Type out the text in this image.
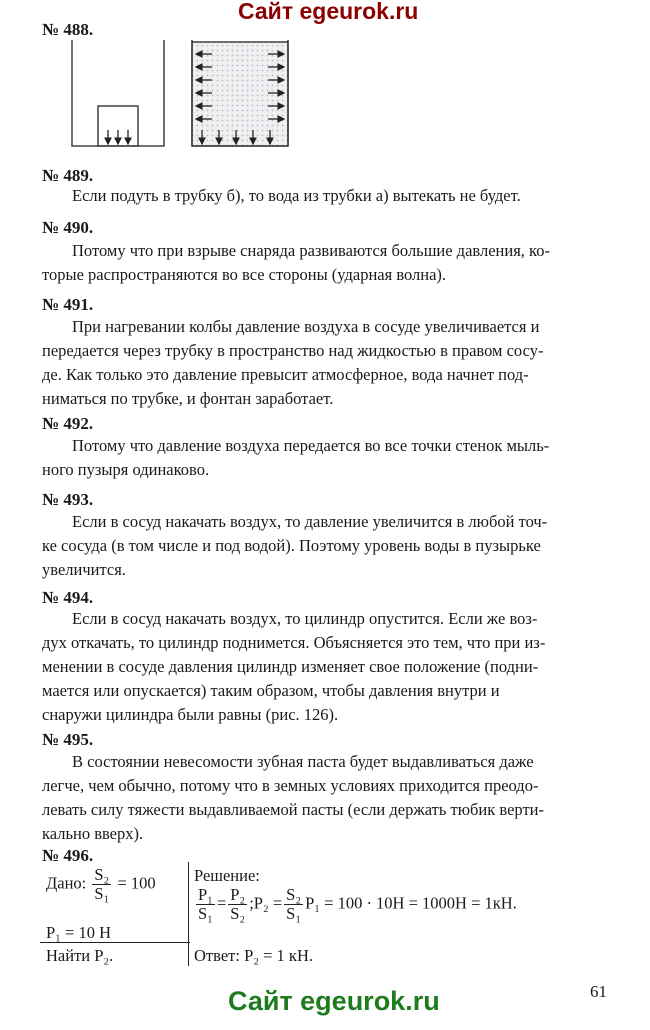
Сайт egeurok.ru
№ 488.
№ 489.
Если подуть в трубку б), то вода из трубки а) вытекать не будет.
№ 490.
Потому что при взрыве снаряда развиваются большие давления, ко-
торые распространяются во все стороны (ударная волна).
№ 491.
При нагревании колбы давление воздуха в сосуде увеличивается и
передается через трубку в пространство над жидкостью в правом сосу-
де. Как только это давление превысит атмосферное, вода начнет под-
ниматься по трубке, и фонтан заработает.
№ 492.
Потому что давление воздуха передается во все точки стенок мыль-
ного пузыря одинаково.
№ 493.
Если в сосуд накачать воздух, то давление увеличится в любой точ-
ке сосуда (в том числе и под водой). Поэтому уровень воды в пузырьке
увеличится.
№ 494.
Если в сосуд накачать воздух, то цилиндр опустится. Если же воз-
дух откачать, то цилиндр поднимется. Объясняется это тем, что при из-
менении в сосуде давления цилиндр изменяет свое положение (подни-
мается или опускается) таким образом, чтобы давления внутри и
снаружи цилиндра были равны (рис. 126).
№ 495.
В состоянии невесомости зубная паста будет выдавливаться даже
легче, чем обычно, потому что в земных условиях приходится преодо-
левать силу тяжести выдавливаемой пасты (если держать тюбик верти-
кально вверх).
№ 496.
Дано: $\frac{\text{S₂}}{\text{S₁}} = 100$
P₁ = 10 Н
Найти P₂.
Решение:
$\frac{\text{P₁}}{\text{S₁}} = \frac{\text{P₂}}{\text{S₂}}$ ;P₂ = $\frac{\text{S₂}}{\text{S₁}} P_1 = 100 \cdot 10Н = 1000Н = 1кН$.
Ответ: P₂ = 1 кН.
61
Сайт egeurok.ru
